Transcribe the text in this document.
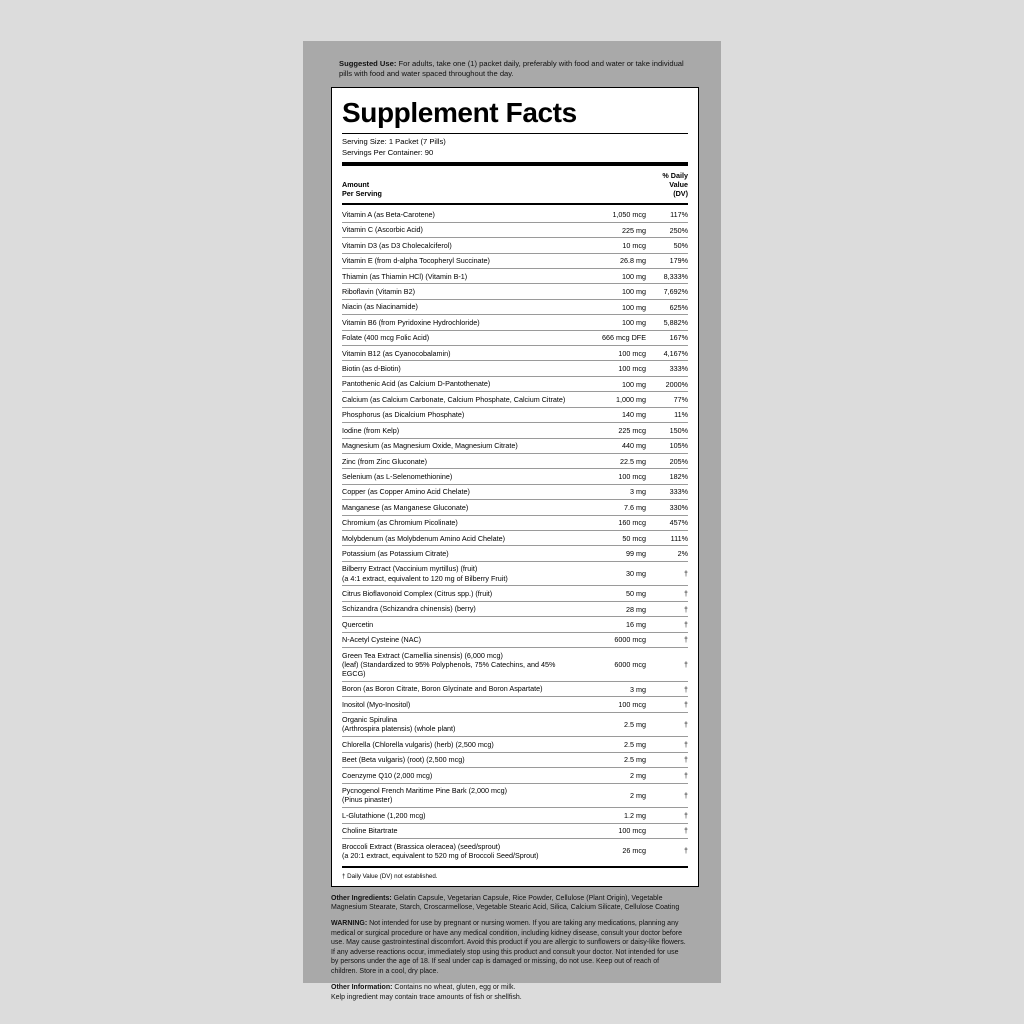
Suggested Use: For adults, take one (1) packet daily, preferably with food and water or take individual pills with food and water spaced throughout the day.
Supplement Facts
Serving Size: 1 Packet (7 Pills)
Servings Per Container: 90
Amount
Per Serving
% Daily
Value
(DV)
Vitamin A (as Beta-Carotene)	1,050 mcg	117%
Vitamin C (Ascorbic Acid)	225 mg	250%
Vitamin D3 (as D3 Cholecalciferol)	10 mcg	50%
Vitamin E (from d-alpha Tocopheryl Succinate)	26.8 mg	179%
Thiamin (as Thiamin HCl) (Vitamin B-1)	100 mg	8,333%
Riboflavin (Vitamin B2)	100 mg	7,692%
Niacin (as Niacinamide)	100 mg	625%
Vitamin B6 (from Pyridoxine Hydrochloride)	100 mg	5,882%
Folate (400 mcg Folic Acid)	666 mcg DFE	167%
Vitamin B12 (as Cyanocobalamin)	100 mcg	4,167%
Biotin (as d-Biotin)	100 mcg	333%
Pantothenic Acid (as Calcium D-Pantothenate)	100 mg	2000%
Calcium (as Calcium Carbonate, Calcium Phosphate, Calcium Citrate)	1,000 mg	77%
Phosphorus (as Dicalcium Phosphate)	140 mg	11%
Iodine (from Kelp)	225 mcg	150%
Magnesium (as Magnesium Oxide, Magnesium Citrate)	440 mg	105%
Zinc (from Zinc Gluconate)	22.5 mg	205%
Selenium (as L-Selenomethionine)	100 mcg	182%
Copper (as Copper Amino Acid Chelate)	3 mg	333%
Manganese (as Manganese Gluconate)	7.6 mg	330%
Chromium (as Chromium Picolinate)	160 mcg	457%
Molybdenum (as Molybdenum Amino Acid Chelate)	50 mcg	111%
Potassium (as Potassium Citrate)	99 mg	2%
Bilberry Extract (Vaccinium myrtillus) (fruit)
(a 4:1 extract, equivalent to 120 mg of Bilberry Fruit)	30 mg	†
Citrus Bioflavonoid Complex (Citrus spp.) (fruit)	50 mg	†
Schizandra (Schizandra chinensis) (berry)	28 mg	†
Quercetin	16 mg	†
N-Acetyl Cysteine (NAC)	6000 mcg	†
Green Tea Extract (Camellia sinensis) (6,000 mcg)
(leaf) (Standardized to 95% Polyphenols, 75% Catechins, and 45% EGCG)	6000 mcg	†
Boron (as Boron Citrate, Boron Glycinate and Boron Aspartate)	3 mg	†
Inositol (Myo-Inositol)	100 mcg	†
Organic Spirulina
(Arthrospira platensis) (whole plant)	2.5 mg	†
Chlorella (Chlorella vulgaris) (herb) (2,500 mcg)	2.5 mg	†
Beet (Beta vulgaris) (root) (2,500 mcg)	2.5 mg	†
Coenzyme Q10 (2,000 mcg)	2 mg	†
Pycnogenol French Maritime Pine Bark (2,000 mcg)
(Pinus pinaster)	2 mg	†
L-Glutathione (1,200 mcg)	1.2 mg	†
Choline Bitartrate	100 mcg	†
Broccoli Extract (Brassica oleracea) (seed/sprout)
(a 20:1 extract, equivalent to 520 mg of Broccoli Seed/Sprout)	26 mcg	†
† Daily Value (DV) not established.

Other Ingredients: Gelatin Capsule, Vegetarian Capsule, Rice Powder, Cellulose (Plant Origin), Vegetable Magnesium Stearate, Starch, Croscarmellose, Vegetable Stearic Acid, Silica, Calcium Silicate, Cellulose Coating

WARNING: Not intended for use by pregnant or nursing women. If you are taking any medications, planning any medical or surgical procedure or have any medical condition, including kidney disease, consult your doctor before use. May cause gastrointestinal discomfort. Avoid this product if you are allergic to sunflowers or daisy-like flowers. If any adverse reactions occur, immediately stop using this product and consult your doctor. Not intended for use by persons under the age of 18. If seal under cap is damaged or missing, do not use. Keep out of reach of children. Store in a cool, dry place.

Other Information: Contains no wheat, gluten, egg or milk.
Kelp ingredient may contain trace amounts of fish or shellfish.
